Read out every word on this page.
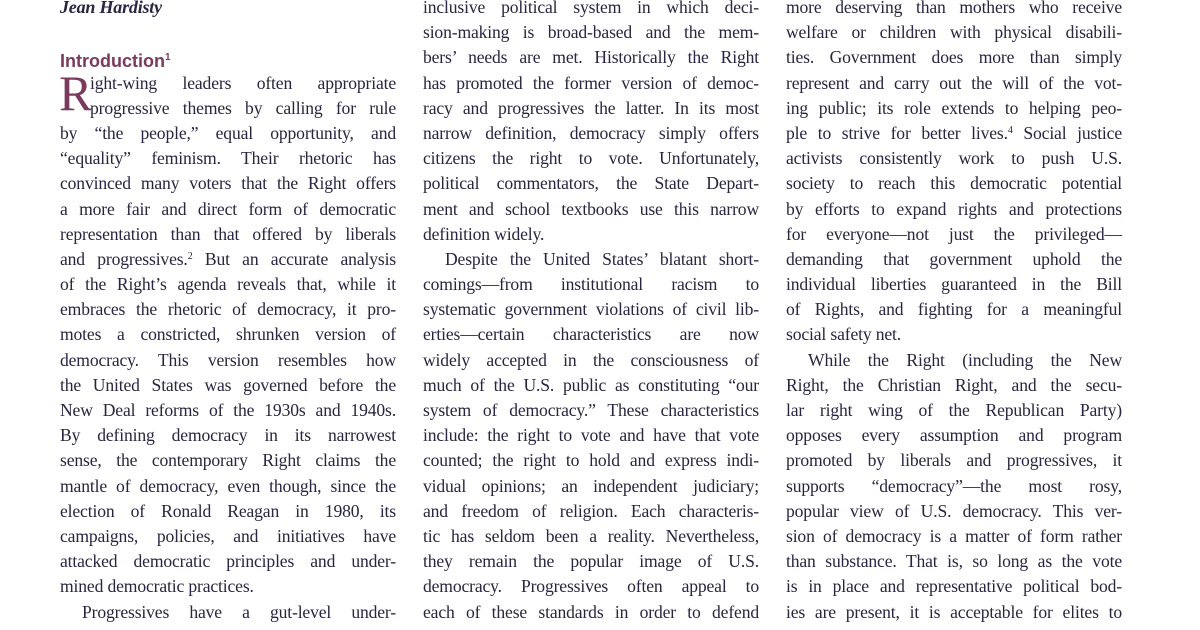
Jean Hardisty
Introduction$^1$
R
ight-wing leaders often appropriate
progressive themes by calling for rule
by “the people,” equal opportunity, and
“equality” feminism. Their rhetoric has
convinced many voters that the Right offers
a more fair and direct form of democratic
representation than that offered by liberals
and progressives.$^2$ But an accurate analysis
of the Right’s agenda reveals that, while it
embraces the rhetoric of democracy, it pro-
motes a constricted, shrunken version of
democracy. This version resembles how
the United States was governed before the
New Deal reforms of the 1930s and 1940s.
By defining democracy in its narrowest
sense, the contemporary Right claims the
mantle of democracy, even though, since the
election of Ronald Reagan in 1980, its
campaigns, policies, and initiatives have
attacked democratic principles and under-
mined democratic practices.
Progressives have a gut-level under-
inclusive political system in which deci-
sion-making is broad-based and the mem-
bers’ needs are met. Historically the Right
has promoted the former version of democ-
racy and progressives the latter. In its most
narrow definition, democracy simply offers
citizens the right to vote. Unfortunately,
political commentators, the State Depart-
ment and school textbooks use this narrow
definition widely.
Despite the United States’ blatant short-
comings—from institutional racism to
systematic government violations of civil lib-
erties—certain characteristics are now
widely accepted in the consciousness of
much of the U.S. public as constituting “our
system of democracy.” These characteristics
include: the right to vote and have that vote
counted; the right to hold and express indi-
vidual opinions; an independent judiciary;
and freedom of religion. Each characteris-
tic has seldom been a reality. Nevertheless,
they remain the popular image of U.S.
democracy. Progressives often appeal to
each of these standards in order to defend
more deserving than mothers who receive
welfare or children with physical disabili-
ties. Government does more than simply
represent and carry out the will of the vot-
ing public; its role extends to helping peo-
ple to strive for better lives.$^4$ Social justice
activists consistently work to push U.S.
society to reach this democratic potential
by efforts to expand rights and protections
for everyone—not just the privileged—
demanding that government uphold the
individual liberties guaranteed in the Bill
of Rights, and fighting for a meaningful
social safety net.
While the Right (including the New
Right, the Christian Right, and the secu-
lar right wing of the Republican Party)
opposes every assumption and program
promoted by liberals and progressives, it
supports “democracy”—the most rosy,
popular view of U.S. democracy. This ver-
sion of democracy is a matter of form rather
than substance. That is, so long as the vote
is in place and representative political bod-
ies are present, it is acceptable for elites to
